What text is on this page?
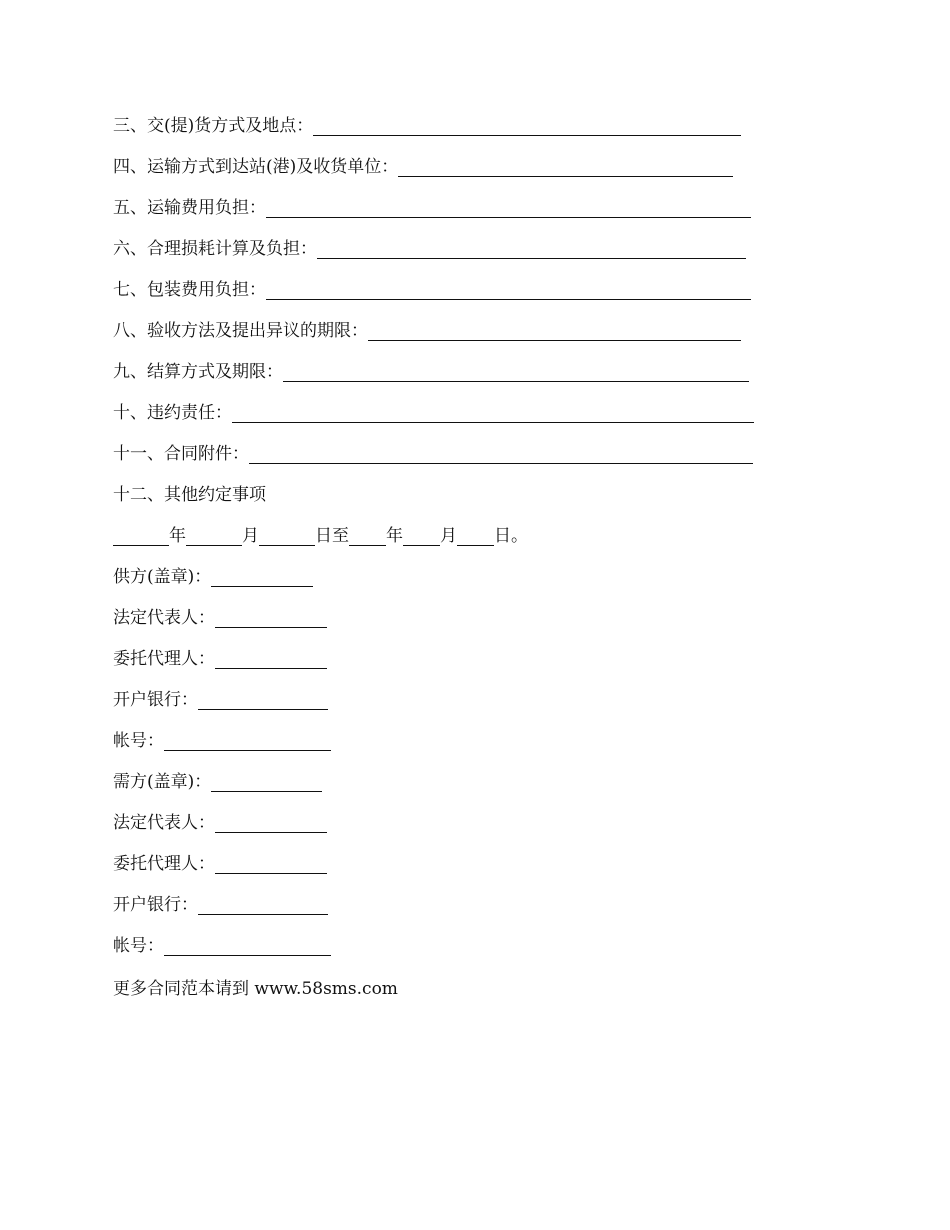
三、交(提)货方式及地点：
四、运输方式到达站(港)及收货单位：
五、运输费用负担：
六、合理损耗计算及负担：
七、包装费用负担：
八、验收方法及提出异议的期限：
九、结算方式及期限：
十、违约责任：
十一、合同附件：
十二、其他约定事项
年	月	日至 年 月 日。
供方(盖章)：
法定代表人：
委托代理人：
开户银行：
帐号：
需方(盖章)：
法定代表人：
委托代理人：
开户银行：
帐号：
更多合同范本请到 www.58sms.com
